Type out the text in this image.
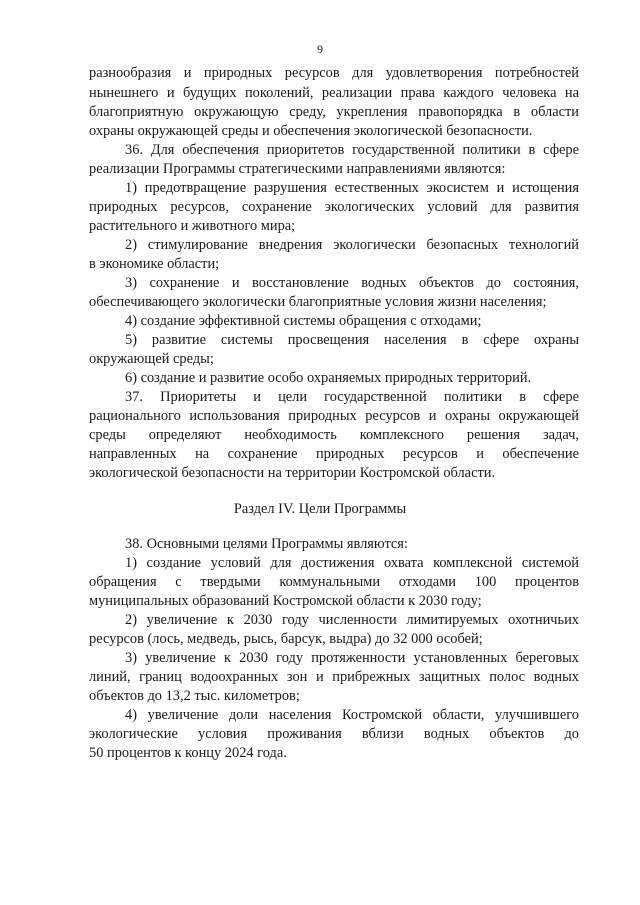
9
разнообразия и природных ресурсов для удовлетворения потребностей
нынешнего и будущих поколений, реализации права каждого человека на
благоприятную окружающую среду, укрепления правопорядка в области
охраны окружающей среды и обеспечения экологической безопасности.
36. Для обеспечения приоритетов государственной политики в сфере
реализации Программы стратегическими направлениями являются:
1) предотвращение разрушения естественных экосистем и истощения
природных ресурсов, сохранение экологических условий для развития
растительного и животного мира;
2) стимулирование внедрения экологически безопасных технологий
в экономике области;
3) сохранение и восстановление водных объектов до состояния,
обеспечивающего экологически благоприятные условия жизни населения;
4) создание эффективной системы обращения с отходами;
5) развитие системы просвещения населения в сфере охраны
окружающей среды;
6) создание и развитие особо охраняемых природных территорий.
37. Приоритеты и цели государственной политики в сфере
рационального использования природных ресурсов и охраны окружающей
среды определяют необходимость комплексного решения задач,
направленных на сохранение природных ресурсов и обеспечение
экологической безопасности на территории Костромской области.
Раздел IV. Цели Программы
38. Основными целями Программы являются:
1) создание условий для достижения охвата комплексной системой
обращения с твердыми коммунальными отходами 100 процентов
муниципальных образований Костромской области к 2030 году;
2) увеличение к 2030 году численности лимитируемых охотничьих
ресурсов (лось, медведь, рысь, барсук, выдра) до 32 000 особей;
3) увеличение к 2030 году протяженности установленных береговых
линий, границ водоохранных зон и прибрежных защитных полос водных
объектов до 13,2 тыс. километров;
4) увеличение доли населения Костромской области, улучшившего
экологические условия проживания вблизи водных объектов до
50 процентов к концу 2024 года.
